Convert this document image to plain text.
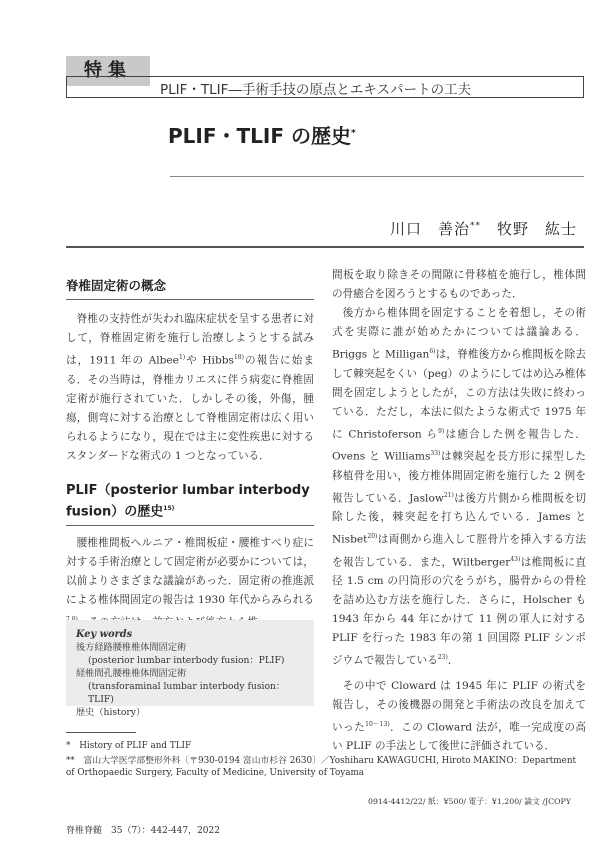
特集
PLIF・TLIF―手術手技の原点とエキスパートの工夫
PLIF・TLIF の歴史*
川口　善治**　 牧野　紘士
脊椎固定術の概念

脊椎の支持性が失われ臨床症状を呈する患者に対して，脊椎固定術を施行し治療しようとする試みは，1911 年の Albee$^{1)}$や Hibbs$^{18)}$の報告に始まる．その当時は，脊椎カリエスに伴う病変に脊椎固定術が施行されていた．しかしその後，外傷，腫瘍，側弯に対する治療として脊椎固定術は広く用いられるようになり，現在では主に変性疾患に対するスタンダードな術式の 1 つとなっている．

PLIF（posterior lumbar interbody
fusion）の歴史$^{15)}$

腰椎椎間板ヘルニア・椎間板症・腰椎すべり症に対する手術治療として固定術が必要かについては，以前よりさまざまな議論があった．固定術の推進派による椎体間固定の報告は 1930 年代からみられる

Key words
後方経路腰椎椎体間固定術
(posterior lumbar interbody fusion：PLIF)
経椎間孔腰椎椎体間固定術
(transforaminal lumbar interbody fusion：TLIF)
歴史（history）

間板を取り除きその間隙に骨移植を施行し，椎体間の骨癒合を図ろうとするものであった．

後方から椎体間を固定することを着想し，その術式を実際に誰が始めたかについては議論ある．Briggs と Milligan$^{6)}$は，脊椎後方から椎間板を除去して棘突起をくい（peg）のようにしてはめ込み椎体間を固定しようとしたが，この方法は失敗に終わっている．ただし，本法に似たような術式で 1975 年に Christoferson ら$^{9)}$は癒合した例を報告した．Ovens と Williams$^{33)}$は棘突起を長方形に採型した移植骨を用い，後方椎体間固定術を施行した 2 例を報告している．Jaslow$^{21)}$は後方片側から椎間板を切除した後，棘突起を打ち込んでいる．James と Nisbet$^{20)}$は両側から進入して脛骨片を挿入する方法を報告している．また，Wiltberger$^{43)}$は椎間板に直径 1.5 cm の円筒形の穴をうがち，腸骨からの骨栓を詰め込む方法を施行した．さらに，Holscher も 1943 年から 44 年にかけて 11 例の軍人に対する PLIF を行った 1983 年の第 1 回国際 PLIF シンポジウムで報告している$^{23)}$．

その中で Cloward は 1945 年に PLIF の術式を報告し，その後機器の開発と手術法の改良を加えていった$^{10〜13)}$．この Cloward 法が，唯一完成度の高い PLIF の手法として後世に評価されている．

*　 History of PLIF and TLIF
**　 富山大学医学部整形外科〔〒930-0194 富山市杉谷 2630〕／Yoshiharu KAWAGUCHI, Hiroto MAKINO：Department of Orthopaedic Surgery, Faculty of Medicine, University of Toyama
0914-4412/22/ 紙：¥500/ 電子：¥1,200/ 論文 /JCOPY
脊椎脊髄　35（7）：442-447，2022
